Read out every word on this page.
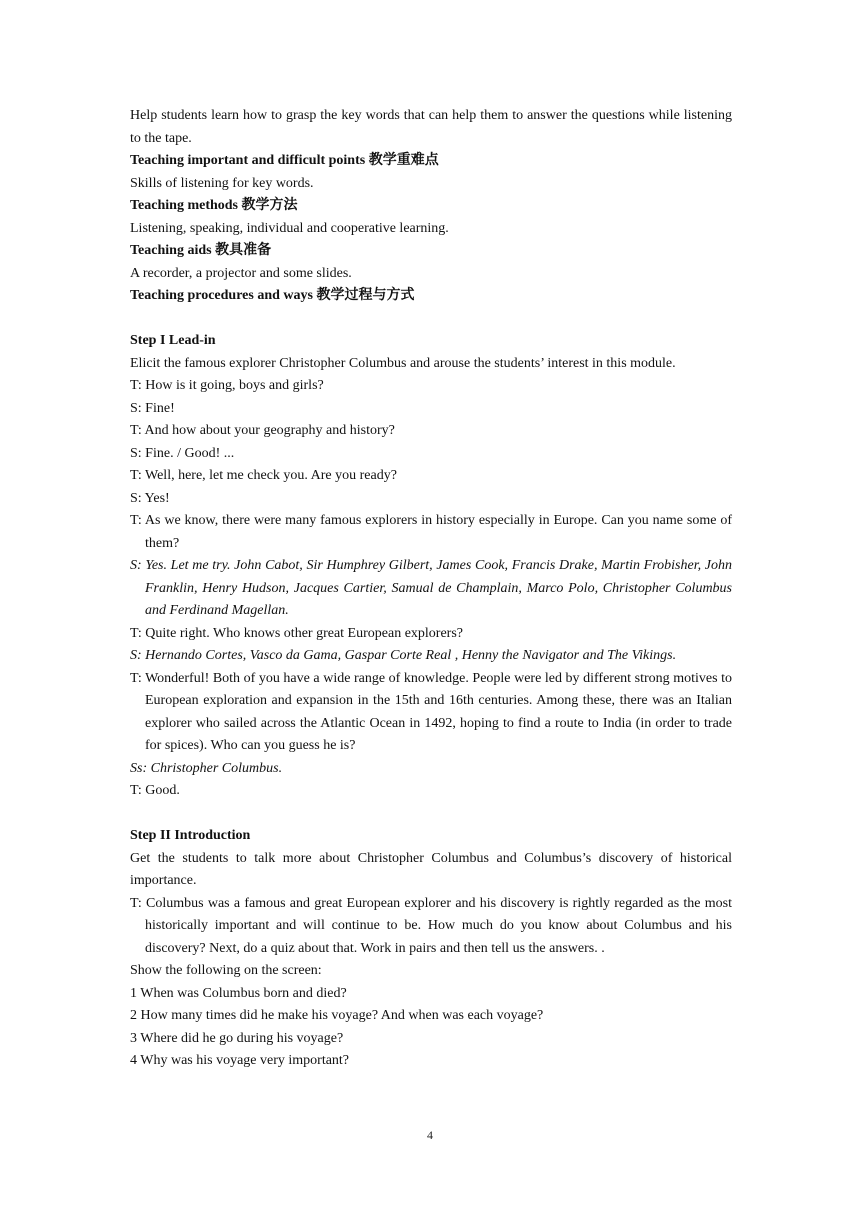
Help students learn how to grasp the key words that can help them to answer the questions while listening to the tape.

Teaching important and difficult points 教学重难点

Skills of listening for key words.

Teaching methods 教学方法

Listening, speaking, individual and cooperative learning.

Teaching aids 教具准备

A recorder, a projector and some slides.

Teaching procedures and ways 教学过程与方式

Step I Lead-in

Elicit the famous explorer Christopher Columbus and arouse the students’ interest in this module.

T: How is it going, boys and girls?

S: Fine!

T: And how about your geography and history?

S: Fine. / Good! ...

T: Well, here, let me check you. Are you ready?

S: Yes!

T: As we know, there were many famous explorers in history especially in Europe. Can you name some of them?

S: Yes. Let me try. John Cabot, Sir Humphrey Gilbert, James Cook, Francis Drake, Martin Frobisher, John Franklin, Henry Hudson, Jacques Cartier, Samual de Champlain, Marco Polo, Christopher Columbus and Ferdinand Magellan.

T: Quite right. Who knows other great European explorers?

S: Hernando Cortes, Vasco da Gama, Gaspar Corte Real , Henny the Navigator and The Vikings.

T: Wonderful! Both of you have a wide range of knowledge. People were led by different strong motives to European exploration and expansion in the 15th and 16th centuries. Among these, there was an Italian explorer who sailed across the Atlantic Ocean in 1492, hoping to find a route to India (in order to trade for spices). Who can you guess he is?

Ss: Christopher Columbus.

T: Good.

Step II Introduction

Get the students to talk more about Christopher Columbus and Columbus’s discovery of historical importance.

T: Columbus was a famous and great European explorer and his discovery is rightly regarded as the most historically important and will continue to be. How much do you know about Columbus and his discovery? Next, do a quiz about that. Work in pairs and then tell us the answers. .

Show the following on the screen:

1 When was Columbus born and died?

2 How many times did he make his voyage? And when was each voyage?

3 Where did he go during his voyage?

4 Why was his voyage very important?

4
